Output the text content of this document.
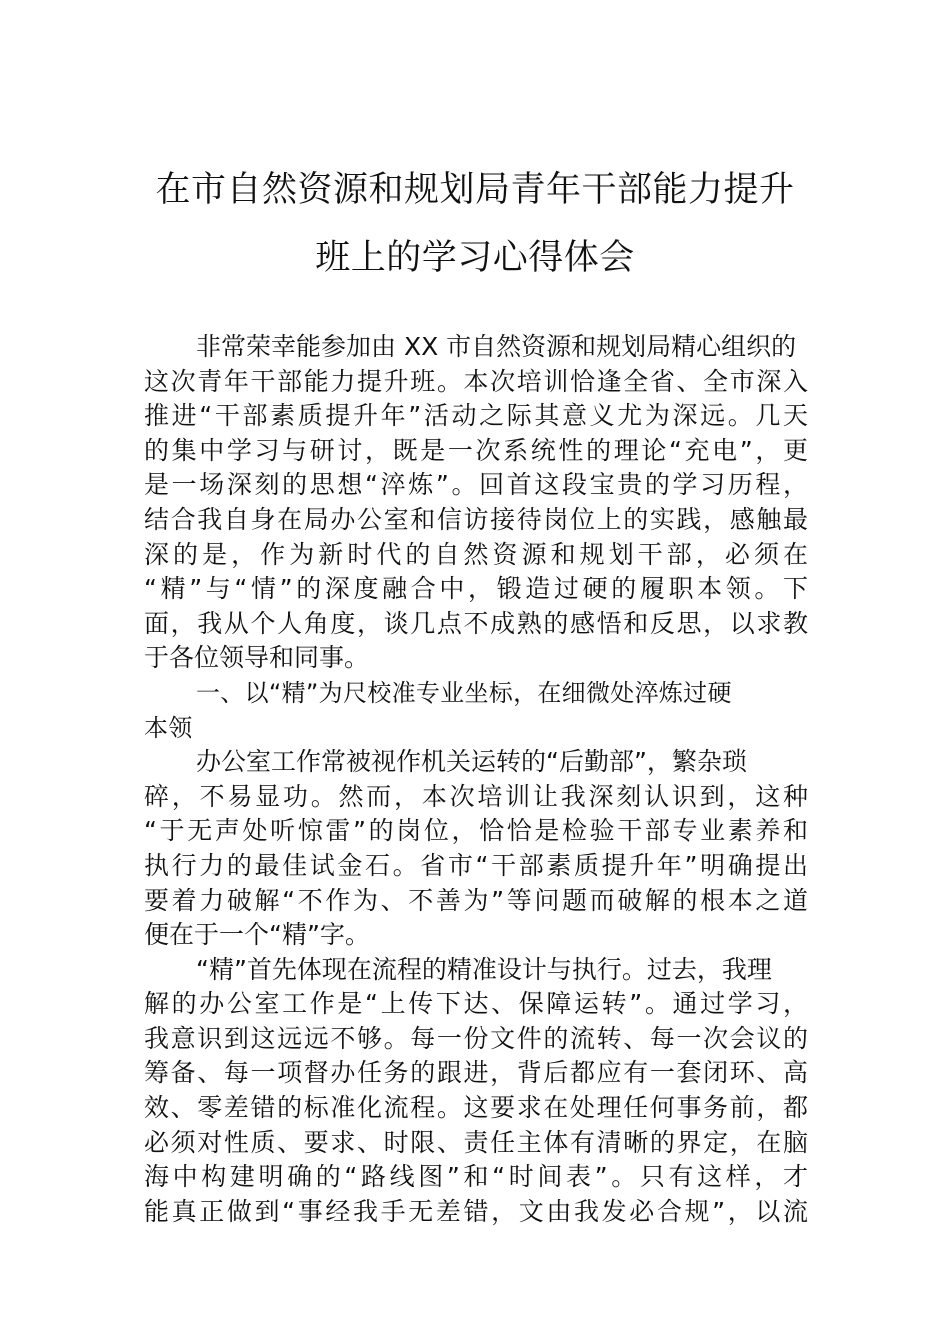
在市自然资源和规划局青年干部能力提升
班上的学习心得体会
非常荣幸能参加由 XX 市自然资源和规划局精心组织的
这次青年干部能力提升班。本次培训恰逢全省、全市深入
推进“干部素质提升年”活动之际其意义尤为深远。几天
的集中学习与研讨，既是一次系统性的理论“充电”，更
是一场深刻的思想“淬炼”。回首这段宝贵的学习历程，
结合我自身在局办公室和信访接待岗位上的实践，感触最
深的是，作为新时代的自然资源和规划干部，必须在
“精”与“情”的深度融合中，锻造过硬的履职本领。下
面，我从个人角度，谈几点不成熟的感悟和反思，以求教
于各位领导和同事。
一、以“精”为尺校准专业坐标，在细微处淬炼过硬
本领
办公室工作常被视作机关运转的“后勤部”，繁杂琐
碎，不易显功。然而，本次培训让我深刻认识到，这种
“于无声处听惊雷”的岗位，恰恰是检验干部专业素养和
执行力的最佳试金石。省市“干部素质提升年”明确提出
要着力破解“不作为、不善为”等问题而破解的根本之道
便在于一个“精”字。
“精”首先体现在流程的精准设计与执行。过去，我理
解的办公室工作是“上传下达、保障运转”。通过学习，
我意识到这远远不够。每一份文件的流转、每一次会议的
筹备、每一项督办任务的跟进，背后都应有一套闭环、高
效、零差错的标准化流程。这要求在处理任何事务前，都
必须对性质、要求、时限、责任主体有清晰的界定，在脑
海中构建明确的“路线图”和“时间表”。只有这样，才
能真正做到“事经我手无差错，文由我发必合规”，以流
